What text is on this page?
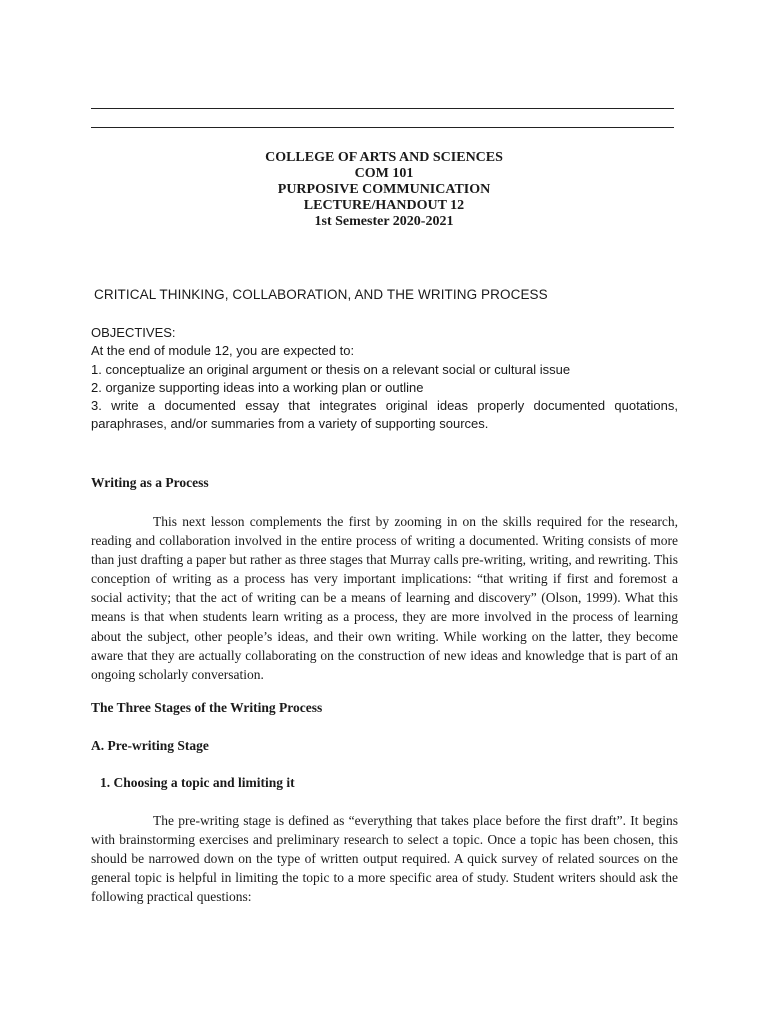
COLLEGE OF ARTS AND SCIENCES
COM 101
PURPOSIVE COMMUNICATION
LECTURE/HANDOUT 12
1st Semester 2020-2021
CRITICAL THINKING, COLLABORATION, AND THE WRITING PROCESS

OBJECTIVES:

At the end of module 12, you are expected to:

1. conceptualize an original argument or thesis on a relevant social or cultural issue

2. organize supporting ideas into a working plan or outline

3. write a documented essay that integrates original ideas properly documented quotations, paraphrases, and/or summaries from a variety of supporting sources.

Writing as a Process

This next lesson complements the first by zooming in on the skills required for the research, reading and collaboration involved in the entire process of writing a documented. Writing consists of more than just drafting a paper but rather as three stages that Murray calls pre-writing, writing, and rewriting. This conception of writing as a process has very important implications: “that writing if first and foremost a social activity; that the act of writing can be a means of learning and discovery” (Olson, 1999). What this means is that when students learn writing as a process, they are more involved in the process of learning about the subject, other people’s ideas, and their own writing. While working on the latter, they become aware that they are actually collaborating on the construction of new ideas and knowledge that is part of an ongoing scholarly conversation.

The Three Stages of the Writing Process
A. Pre-writing Stage
1. Choosing a topic and limiting it

The pre-writing stage is defined as “everything that takes place before the first draft”. It begins with brainstorming exercises and preliminary research to select a topic. Once a topic has been chosen, this should be narrowed down on the type of written output required. A quick survey of related sources on the general topic is helpful in limiting the topic to a more specific area of study. Student writers should ask the following practical questions:
